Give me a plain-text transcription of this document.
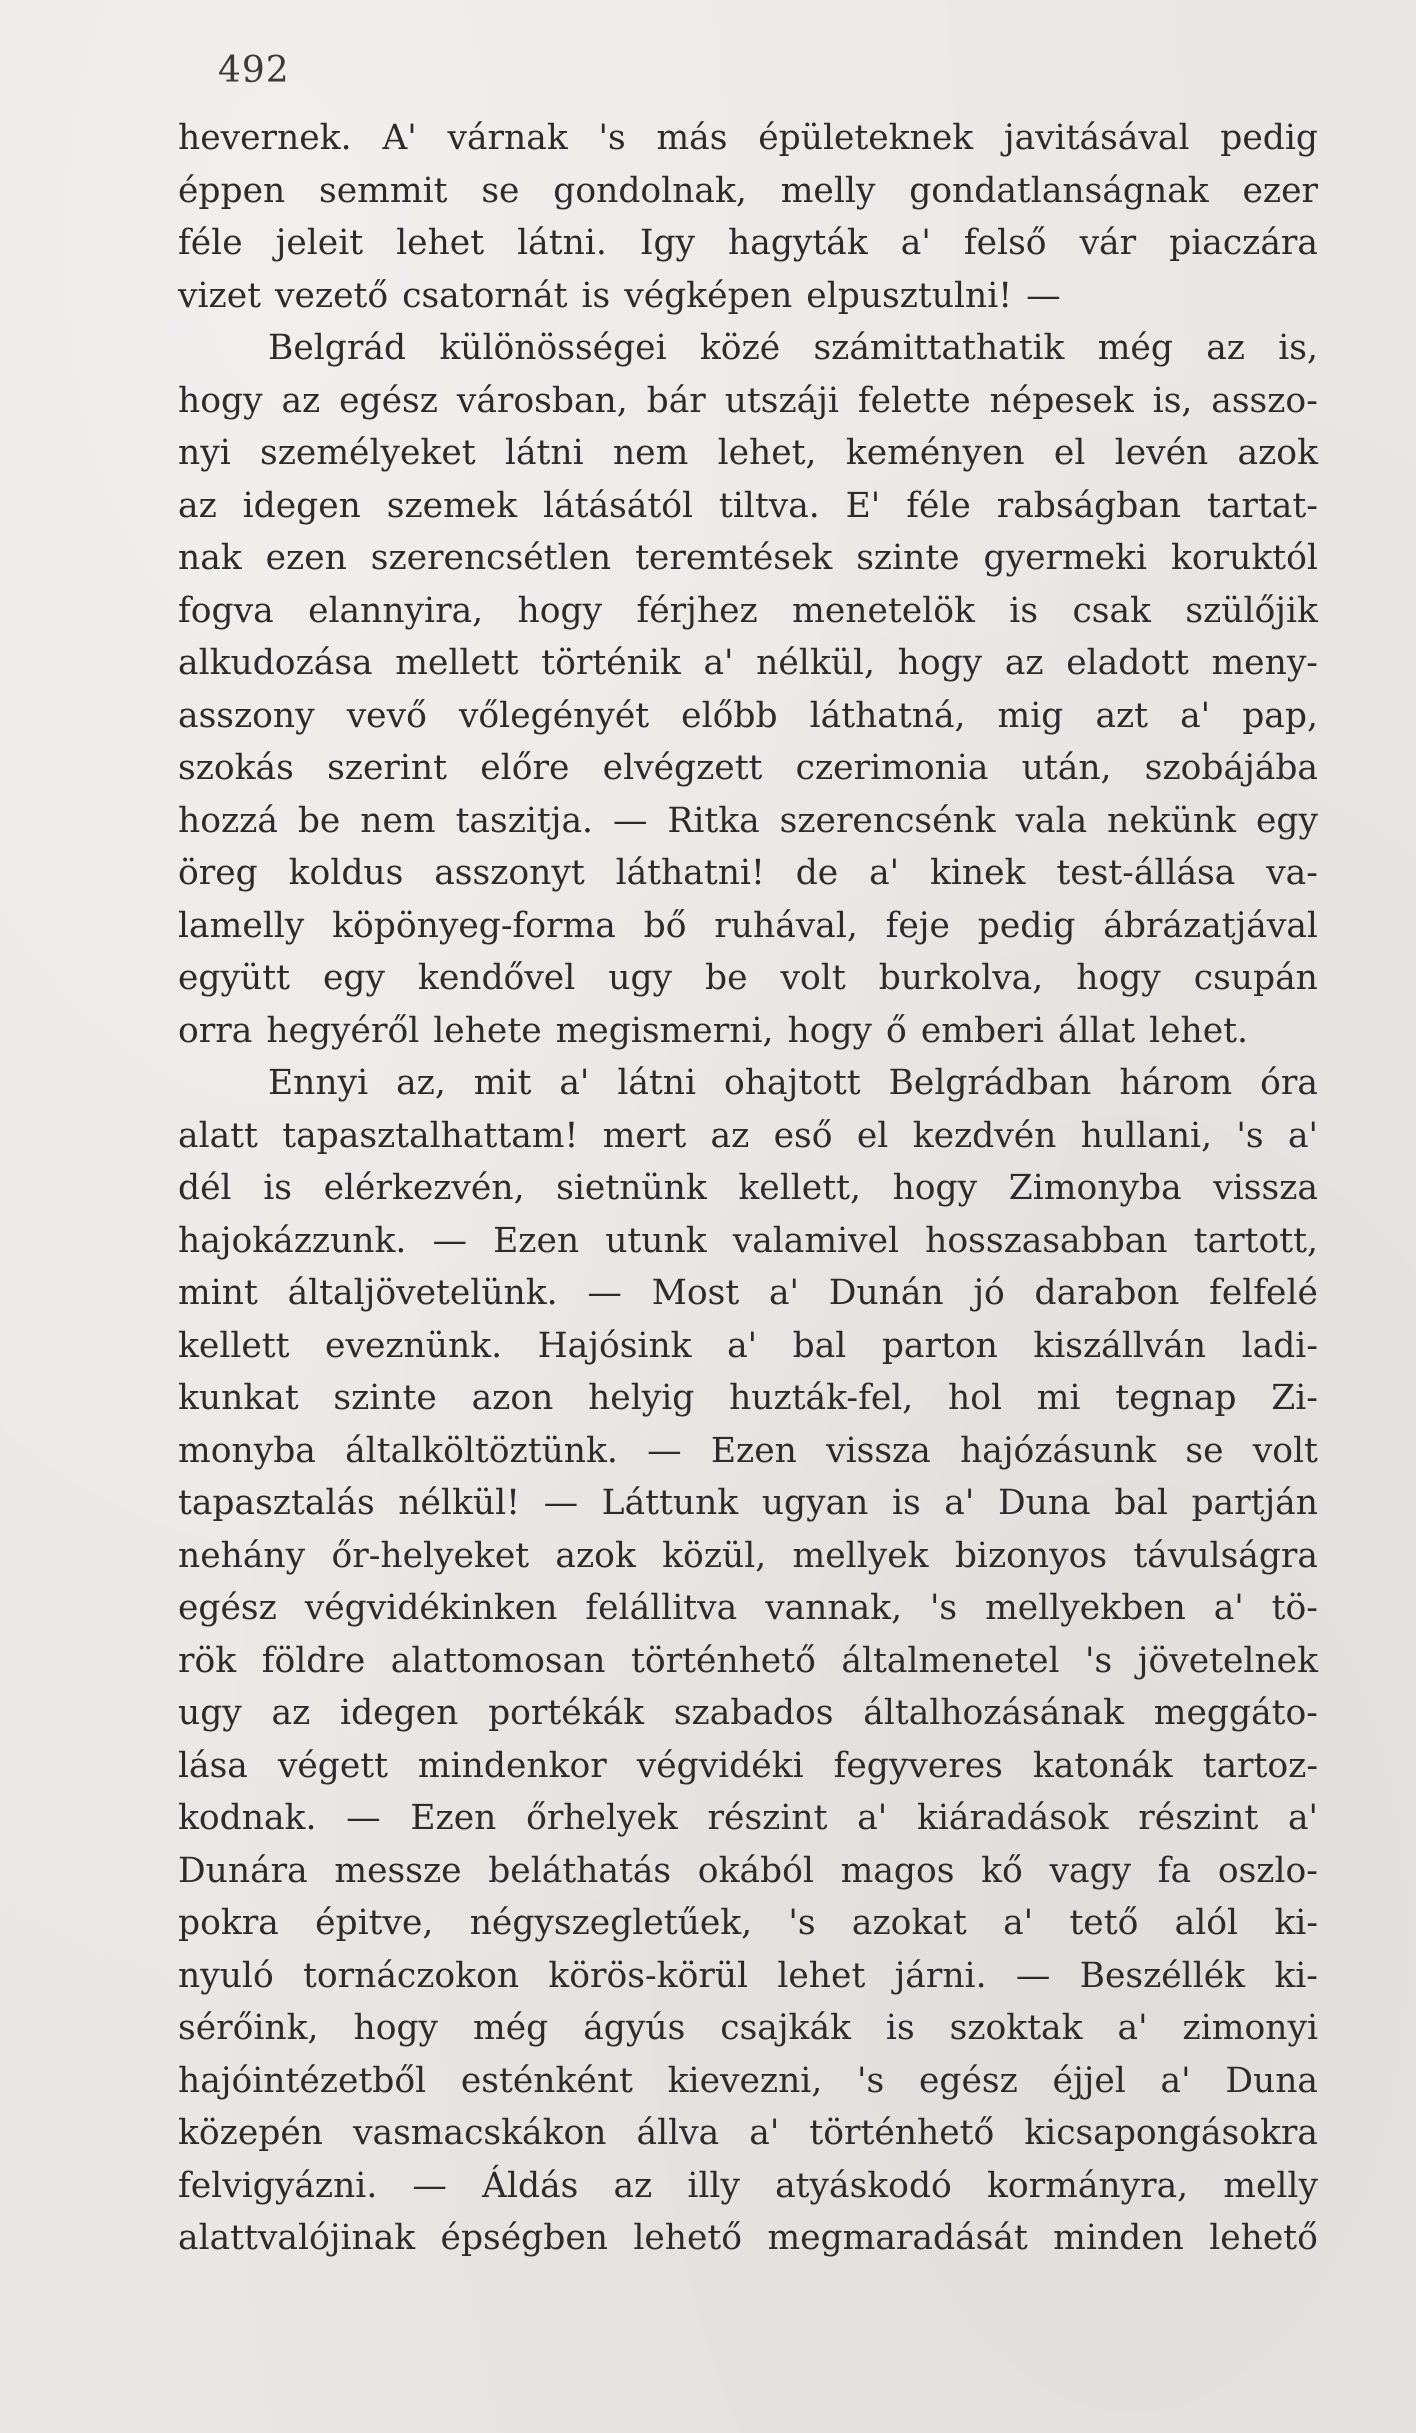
492
hevernek. A' várnak 's más épületeknek javitásával pedig
éppen semmit se gondolnak, melly gondatlanságnak ezer
féle jeleit lehet látni. Igy hagyták a' felső vár piaczára
vizet vezető csatornát is végképen elpusztulni! —
Belgrád különösségei közé számittathatik még az is,
hogy az egész városban, bár utszáji felette népesek is, asszo-
nyi személyeket látni nem lehet, keményen el levén azok
az idegen szemek látásától tiltva. E' féle rabságban tartat-
nak ezen szerencsétlen teremtések szinte gyermeki koruktól
fogva elannyira, hogy férjhez menetelök is csak szülőjik
alkudozása mellett történik a' nélkül, hogy az eladott meny-
asszony vevő vőlegényét előbb láthatná, mig azt a' pap,
szokás szerint előre elvégzett czerimonia után, szobájába
hozzá be nem taszitja. — Ritka szerencsénk vala nekünk egy
öreg koldus asszonyt láthatni! de a' kinek test-állása va-
lamelly köpönyeg-forma bő ruhával, feje pedig ábrázatjával
együtt egy kendővel ugy be volt burkolva, hogy csupán
orra hegyéről lehete megismerni, hogy ő emberi állat lehet.
Ennyi az, mit a' látni ohajtott Belgrádban három óra
alatt tapasztalhattam! mert az eső el kezdvén hullani, 's a'
dél is elérkezvén, sietnünk kellett, hogy Zimonyba vissza
hajokázzunk. — Ezen utunk valamivel hosszasabban tartott,
mint általjövetelünk. — Most a' Dunán jó darabon felfelé
kellett eveznünk. Hajósink a' bal parton kiszállván ladi-
kunkat szinte azon helyig huzták-fel, hol mi tegnap Zi-
monyba általköltöztünk. — Ezen vissza hajózásunk se volt
tapasztalás nélkül! — Láttunk ugyan is a' Duna bal partján
nehány őr-helyeket azok közül, mellyek bizonyos távulságra
egész végvidékinken felállitva vannak, 's mellyekben a' tö-
rök földre alattomosan történhető általmenetel 's jövetelnek
ugy az idegen portékák szabados általhozásának meggáto-
lása végett mindenkor végvidéki fegyveres katonák tartoz-
kodnak. — Ezen őrhelyek részint a' kiáradások részint a'
Dunára messze beláthatás okából magos kő vagy fa oszlo-
pokra épitve, négyszegletűek, 's azokat a' tető alól ki-
nyuló tornáczokon körös-körül lehet járni. — Beszéllék ki-
sérőink, hogy még ágyús csajkák is szoktak a' zimonyi
hajóintézetből esténként kievezni, 's egész éjjel a' Duna
közepén vasmacskákon állva a' történhető kicsapongásokra
felvigyázni. — Áldás az illy atyáskodó kormányra, melly
alattvalójinak épségben lehető megmaradását minden lehető
